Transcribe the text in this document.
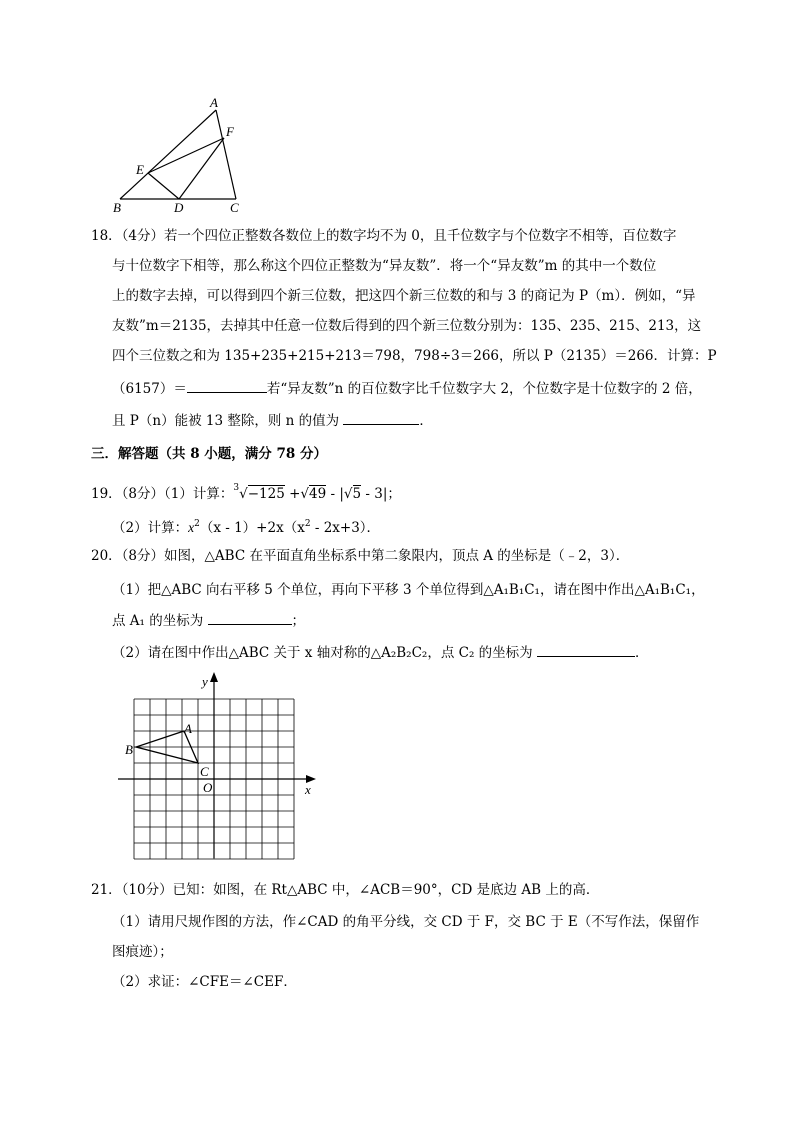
A
F
E
B	D	C
18．（4分）若一个四位正整数各数位上的数字均不为 0，且千位数字与个位数字不相等，百位数字
与十位数字下相等，那么称这个四位正整数为“异友数”．将一个“异友数”m 的其中一个数位
上的数字去掉，可以得到四个新三位数，把这四个新三位数的和与 3 的商记为 P（m）．例如，“异
友数”m＝2135，去掉其中任意一位数后得到的四个新三位数分别为：135、235、215、213，这
四个三位数之和为 135+235+215+213＝798，798÷3＝266，所以 P（2135）＝266．计算：P
（6157）＝	若“异友数”n 的百位数字比千位数字大 2，个位数字是十位数字的 2 倍，
且 P（n）能被 13 整除，则 n 的值为	．
三．解答题（共 8 小题，满分 78 分）
19．（8分）（1）计算：$^3$√−125 +√49 - |√5 - 3|；
（2）计算：$x^2(x - 1)+2x(x^2 - 2x+3)$．
20．（8分）如图，△ABC 在平面直角坐标系中第二象限内，顶点 A 的坐标是（﹣2，3）．
（1）把△ABC 向右平移 5 个单位，再向下平移 3 个单位得到△A₁B₁C₁，请在图中作出△A₁B₁C₁，
点 A₁ 的坐标为	；
（2）请在图中作出△ABC 关于 x 轴对称的△A₂B₂C₂，点 C₂ 的坐标为	．
x
y
O
A
B
C
21．（10分）已知：如图，在 Rt△ABC 中，∠ACB＝90°，CD 是底边 AB 上的高．
（1）请用尺规作图的方法，作∠CAD 的角平分线，交 CD 于 F，交 BC 于 E（不写作法，保留作
图痕迹）；
（2）求证：∠CFE＝∠CEF．
